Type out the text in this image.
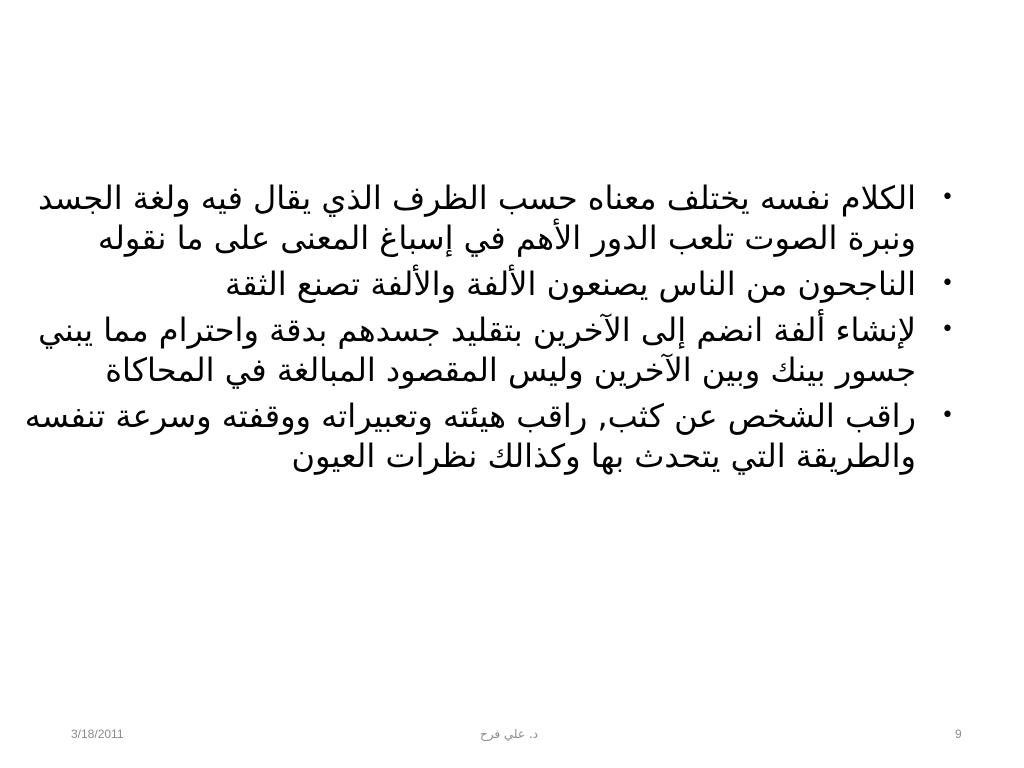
•
الكلام نفسه يختلف معناه حسب الظرف الذي يقال فيه ولغة الجسد ونبرة الصوت تلعب الدور الأهم في إسباغ المعنى على ما نقوله
•
الناجحون من الناس يصنعون الألفة والألفة تصنع الثقة
•
لإنشاء ألفة انضم إلى الآخرين بتقليد جسدهم بدقة واحترام مما يبني جسور بينك وبين الآخرين وليس المقصود المبالغة في المحاكاة
•
راقب الشخص عن كثب, راقب هيئته وتعبيراته ووقفته وسرعة تنفسه والطريقة التي يتحدث بها وكذالك نظرات العيون
3/18/2011	د. علي فرح	9
